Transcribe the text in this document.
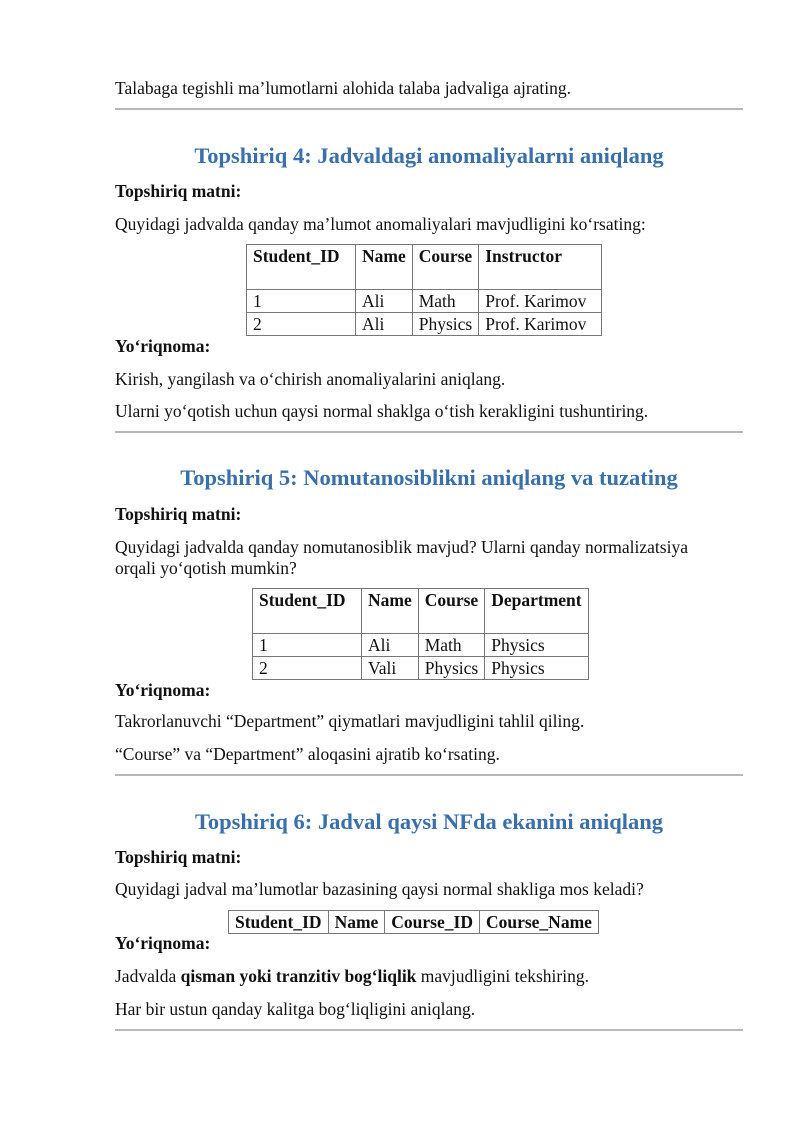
Talabaga tegishli ma’lumotlarni alohida talaba jadvaliga ajrating.

Topshiriq 4: Jadvaldagi anomaliyalarni aniqlang

Topshiriq matni:

Quyidagi jadvalda qanday ma’lumot anomaliyalari mavjudligini ko‘rsating:

Student_ID	Name	Course	Instructor
1	Ali	Math	Prof. Karimov
2	Ali	Physics	Prof. Karimov

Yo‘riqnoma:

Kirish, yangilash va o‘chirish anomaliyalarini aniqlang.

Ularni yo‘qotish uchun qaysi normal shaklga o‘tish kerakligini tushuntiring.

Topshiriq 5: Nomutanosiblikni aniqlang va tuzating

Topshiriq matni:

Quyidagi jadvalda qanday nomutanosiblik mavjud? Ularni qanday normalizatsiya

orqali yo‘qotish mumkin?

Student_ID	Name	Course	Department
1	Ali	Math	Physics
2	Vali	Physics	Physics

Yo‘riqnoma:

Takrorlanuvchi “Department” qiymatlari mavjudligini tahlil qiling.

“Course” va “Department” aloqasini ajratib ko‘rsating.

Topshiriq 6: Jadval qaysi NFda ekanini aniqlang

Topshiriq matni:

Quyidagi jadval ma’lumotlar bazasining qaysi normal shakliga mos keladi?

Student_ID	Name	Course_ID	Course_Name

Yo‘riqnoma:

Jadvalda qisman yoki tranzitiv bog‘liqlik mavjudligini tekshiring.

Har bir ustun qanday kalitga bog‘liqligini aniqlang.
